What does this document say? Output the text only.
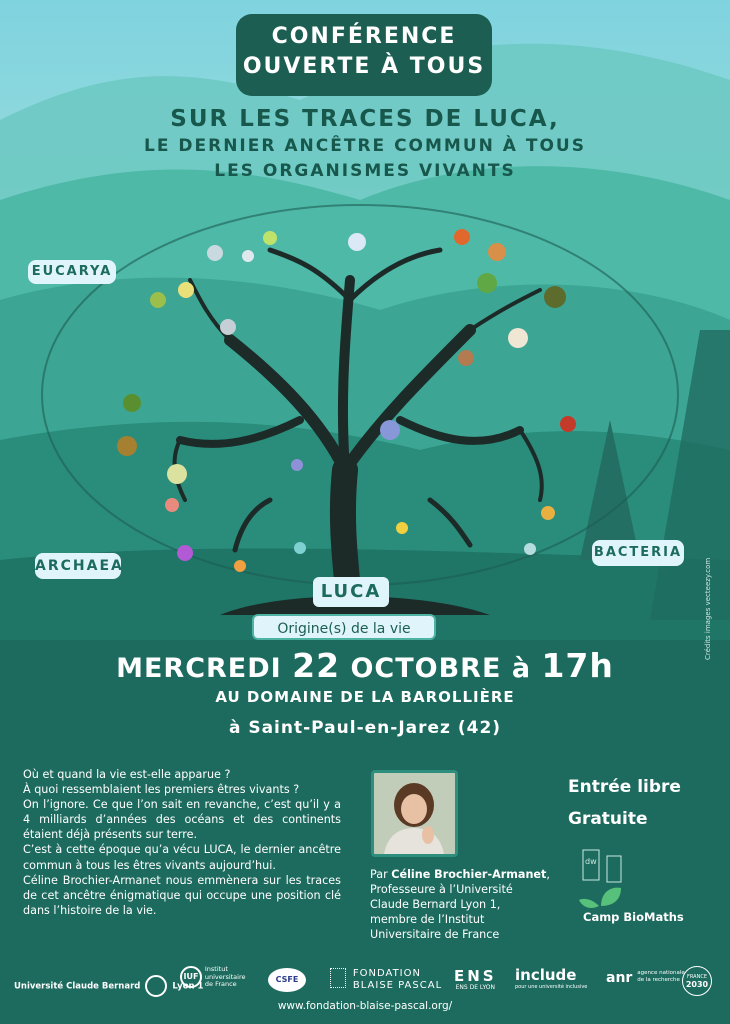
CONFÉRENCE
OUVERTE À TOUS
SUR LES TRACES DE LUCA,
LE DERNIER ANCÊTRE COMMUN À TOUS
LES ORGANISMES VIVANTS
EUCARYA
ARCHAEA
BACTERIA
LUCA
Origine(s) de la vie
MERCREDI 22 OCTOBRE à 17h
AU DOMAINE DE LA BAROLLIÈRE
à Saint-Paul-en-Jarez (42)
Crédits images vecteezy.com

Où et quand la vie est-elle apparue ?

À quoi ressemblaient les premiers êtres vivants ?

On l’ignore. Ce que l’on sait en revanche, c’est qu’il y a 4 milliards d’années des océans et des continents étaient déjà présents sur terre.

C’est à cette époque qu’a vécu LUCA, le dernier ancêtre commun à tous les êtres vivants aujourd’hui.

Céline Brochier-Armanet nous emmènera sur les traces de cet ancêtre énigmatique qui occupe une position clé dans l’histoire de la vie.

Par Céline Brochier-Armanet,
Professeure à l’Université
Claude Bernard Lyon 1,
membre de l’Institut
Universitaire de France
Entrée libre
Gratuite
dw
Camp BioMaths
Université Claude Bernard	Lyon 1
IUF Institut
universitaire
de France	CSFE
FONDATION
BLAISE PASCAL
ENS
ENS DE LYON
include
pour une université inclusive
anr agence nationale
de la recherche	FRANCE
2030
www.fondation-blaise-pascal.org/
